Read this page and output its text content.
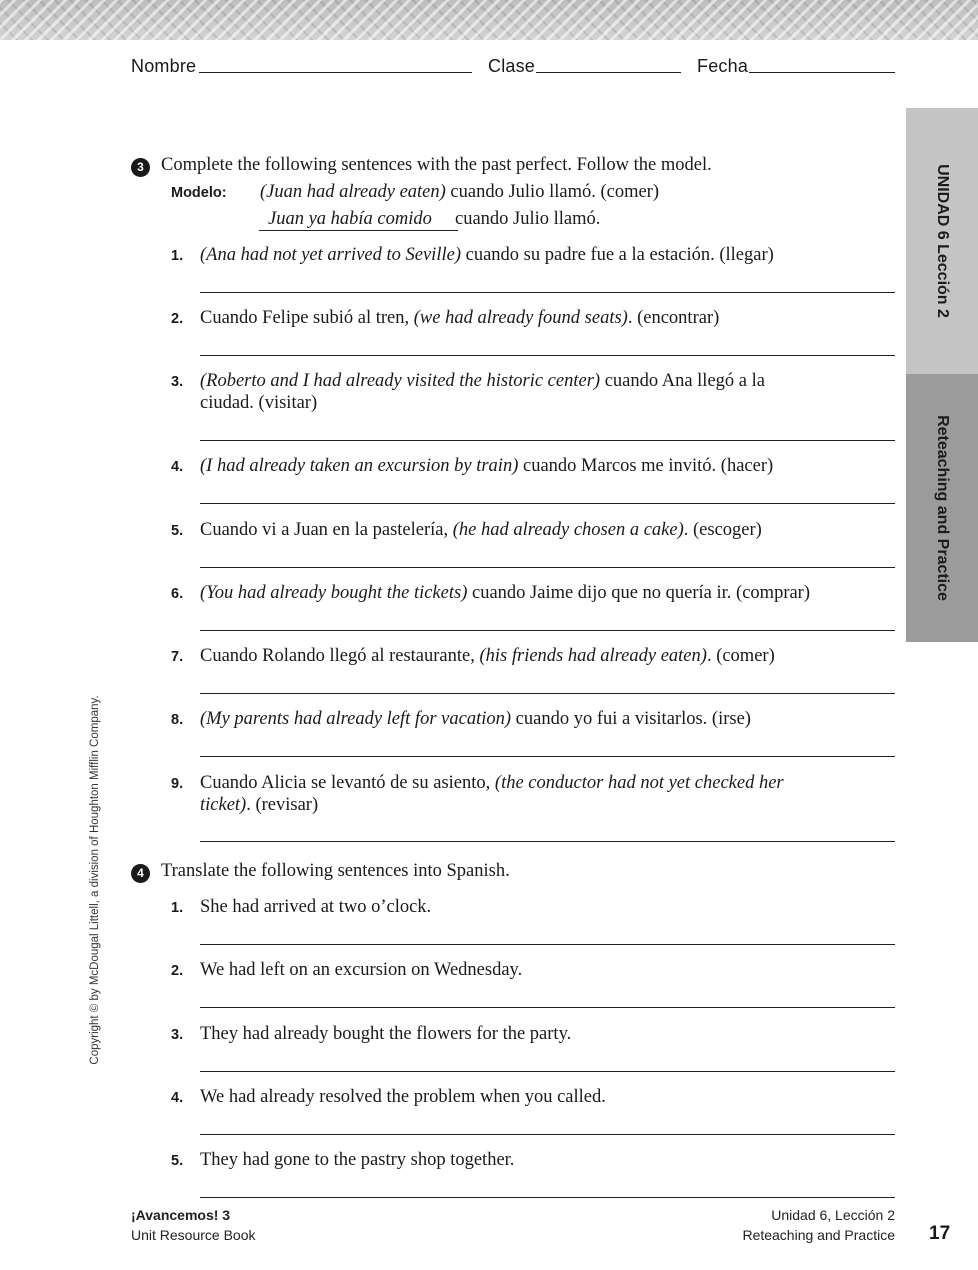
Nombre	Clase	Fecha
UNIDAD 6 Lección 2
Reteaching and Practice
Copyright © by McDougal Littell, a division of Houghton Mifflin Company.
3 Complete the following sentences with the past perfect. Follow the model.
Modelo: (Juan had already eaten) cuando Julio llamó. (comer)
Juan ya había comido	cuando Julio llamó.
1. (Ana had not yet arrived to Seville) cuando su padre fue a la estación. (llegar)
2. Cuando Felipe subió al tren, (we had already found seats). (encontrar)
3. (Roberto and I had already visited the historic center) cuando Ana llegó a la ciudad. (visitar)
4. (I had already taken an excursion by train) cuando Marcos me invitó. (hacer)
5. Cuando vi a Juan en la pastelería, (he had already chosen a cake). (escoger)
6. (You had already bought the tickets) cuando Jaime dijo que no quería ir. (comprar)
7. Cuando Rolando llegó al restaurante, (his friends had already eaten). (comer)
8. (My parents had already left for vacation) cuando yo fui a visitarlos. (irse)
9. Cuando Alicia se levantó de su asiento, (the conductor had not yet checked her ticket). (revisar)
4 Translate the following sentences into Spanish.
1. She had arrived at two o’clock.
2. We had left on an excursion on Wednesday.
3. They had already bought the flowers for the party.
4. We had already resolved the problem when you called.
5. They had gone to the pastry shop together.
¡Avancemos! 3
Unit Resource Book
Unidad 6, Lección 2
Reteaching and Practice 17
